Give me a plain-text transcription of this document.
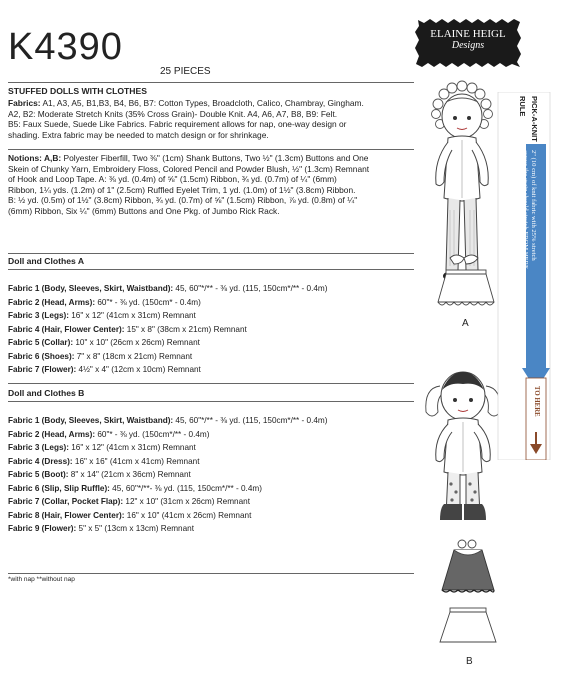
K4390
25 PIECES
ELAINE HEIGL
Designs
STUFFED DOLLS WITH CLOTHES
Fabrics: A1, A3, A5, B1,B3, B4, B6, B7: Cotton Types, Broadcloth, Calico, Chambray, Gingham.
A2, B2: Moderate Stretch Knits (35% Cross Grain)- Double Knit. A4, A6, A7, B8, B9: Felt.
B5: Faux Suede, Suede Like Fabrics. Fabric requirement allows for nap, one-way design or
shading. Extra fabric may be needed to match design or for shrinkage.
Notions: A,B: Polyester Fiberfill, Two ⅜" (1cm) Shank Buttons, Two ½" (1.3cm) Buttons and One
Skein of Chunky Yarn, Embroidery Floss, Colored Pencil and Powder Blush, ½" (1.3cm) Remnant
of Hook and Loop Tape. A: ⅜ yd. (0.4m) of ⅝" (1.5cm) Ribbon, ¾ yd. (0.7m) of ¼" (6mm)
Ribbon, 1¼ yds. (1.2m) of 1" (2.5cm) Ruffled Eyelet Trim, 1 yd. (1.0m) of 1½" (3.8cm) Ribbon.
B: ½ yd. (0.5m) of 1½" (3.8cm) Ribbon, ¾ yd. (0.7m) of ⅝" (1.5cm) Ribbon, ⅞ yd. (0.8m) of ¼"
(6mm) Ribbon, Six ¼" (6mm) Buttons and One Pkg. of Jumbo Rick Rack.
Doll and Clothes A
Fabric 1 (Body, Sleeves, Skirt, Waistband): 45, 60"*/** - ⅜ yd. (115, 150cm*/** - 0.4m)
Fabric 2 (Head, Arms): 60"* - ⅜ yd. (150cm* - 0.4m)
Fabric 3 (Legs): 16" x 12" (41cm x 31cm) Remnant
Fabric 4 (Hair, Flower Center): 15" x 8" (38cm x 21cm) Remnant
Fabric 5 (Collar): 10" x 10" (26cm x 26cm) Remnant
Fabric 6 (Shoes): 7" x 8" (18cm x 21cm) Remnant
Fabric 7 (Flower): 4½" x 4" (12cm x 10cm) Remnant
Doll and Clothes B
Fabric 1 (Body, Sleeves, Skirt, Waistband): 45, 60"*/** - ⅜ yd. (115, 150cm*/** - 0.4m)
Fabric 2 (Head, Arms): 60"* - ⅜ yd. (150cm*/** - 0.4m)
Fabric 3 (Legs): 16" x 12" (41cm x 31cm) Remnant
Fabric 4 (Dress): 16" x 16" (41cm x 41cm) Remnant
Fabric 5 (Boot): 8" x 14" (21cm x 36cm) Remnant
Fabric 6 (Slip, Slip Ruffle): 45, 60"*/**- ⅜ yd. (115, 150cm*/** - 0.4m)
Fabric 7 (Collar, Pocket Flap): 12" x 10" (31cm x 26cm) Remnant
Fabric 8 (Hair, Flower Center): 16" x 10" (41cm x 26cm) Remnant
Fabric 9 (Flower): 5" x 5" (13cm x 13cm) Remnant
*with nap **without nap
A
B
PICK-A-KNIT
RULE
2" (10 cm) of knit fabric with 25% stretch
across the grain should stretch FROM HERE
TO HERE
